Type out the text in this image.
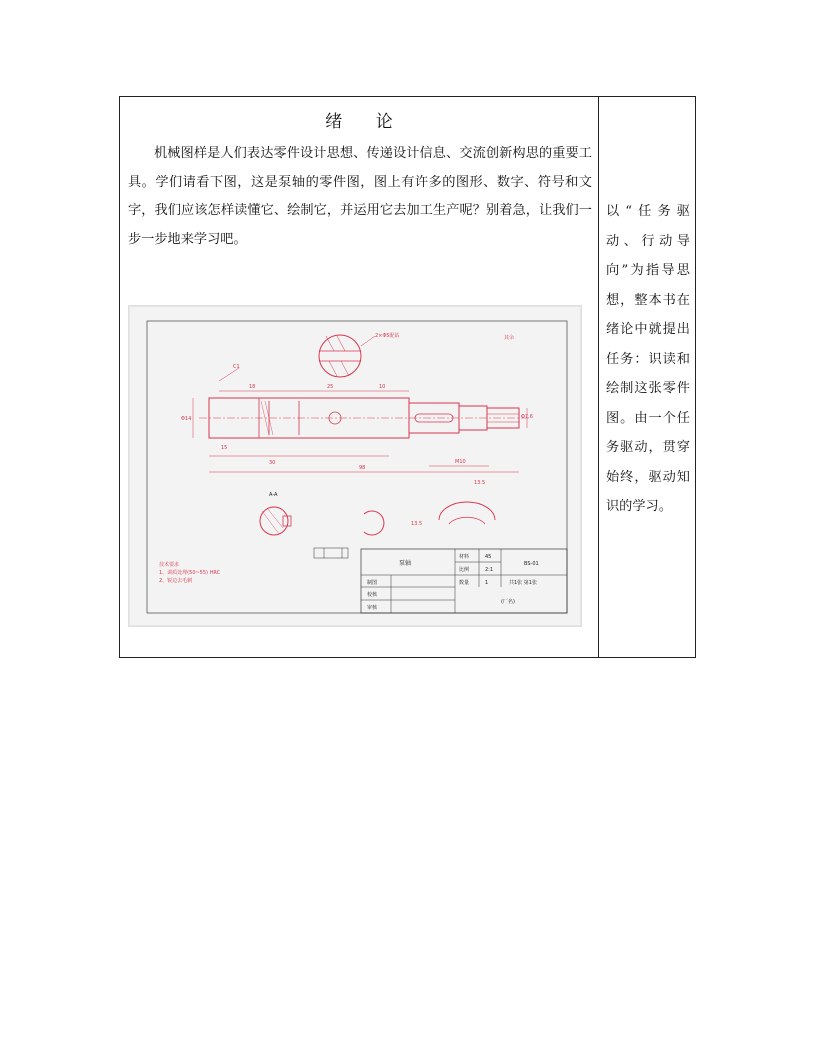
绪 论
机械图样是人们表达零件设计思想、传递设计信息、交流创新构思的重要工具。学们请看下图，这是泵轴的零件图，图上有许多的图形、数字、符号和文字，我们应该怎样读懂它、绘制它，并运用它去加工生产呢？别着急，让我们一步一步地来学习吧。
2×Φ5配钻	其余
18	25	10
30
98
M10
Φ14
C1
15
Φ7.6
13.5
A-A
13.5
技术要求
1、调质处理(50~55) HRC
2、锐边去毛刺
泵轴
材料	45
比例	2:1
数量	1
BS-01
共1张 第1张
制图
校核
审核
(厂名)
以“任务驱动、行动导向”为指导思想，整本书在绪论中就提出任务：识读和绘制这张零件图。由一个任务驱动，贯穿始终，驱动知识的学习。
